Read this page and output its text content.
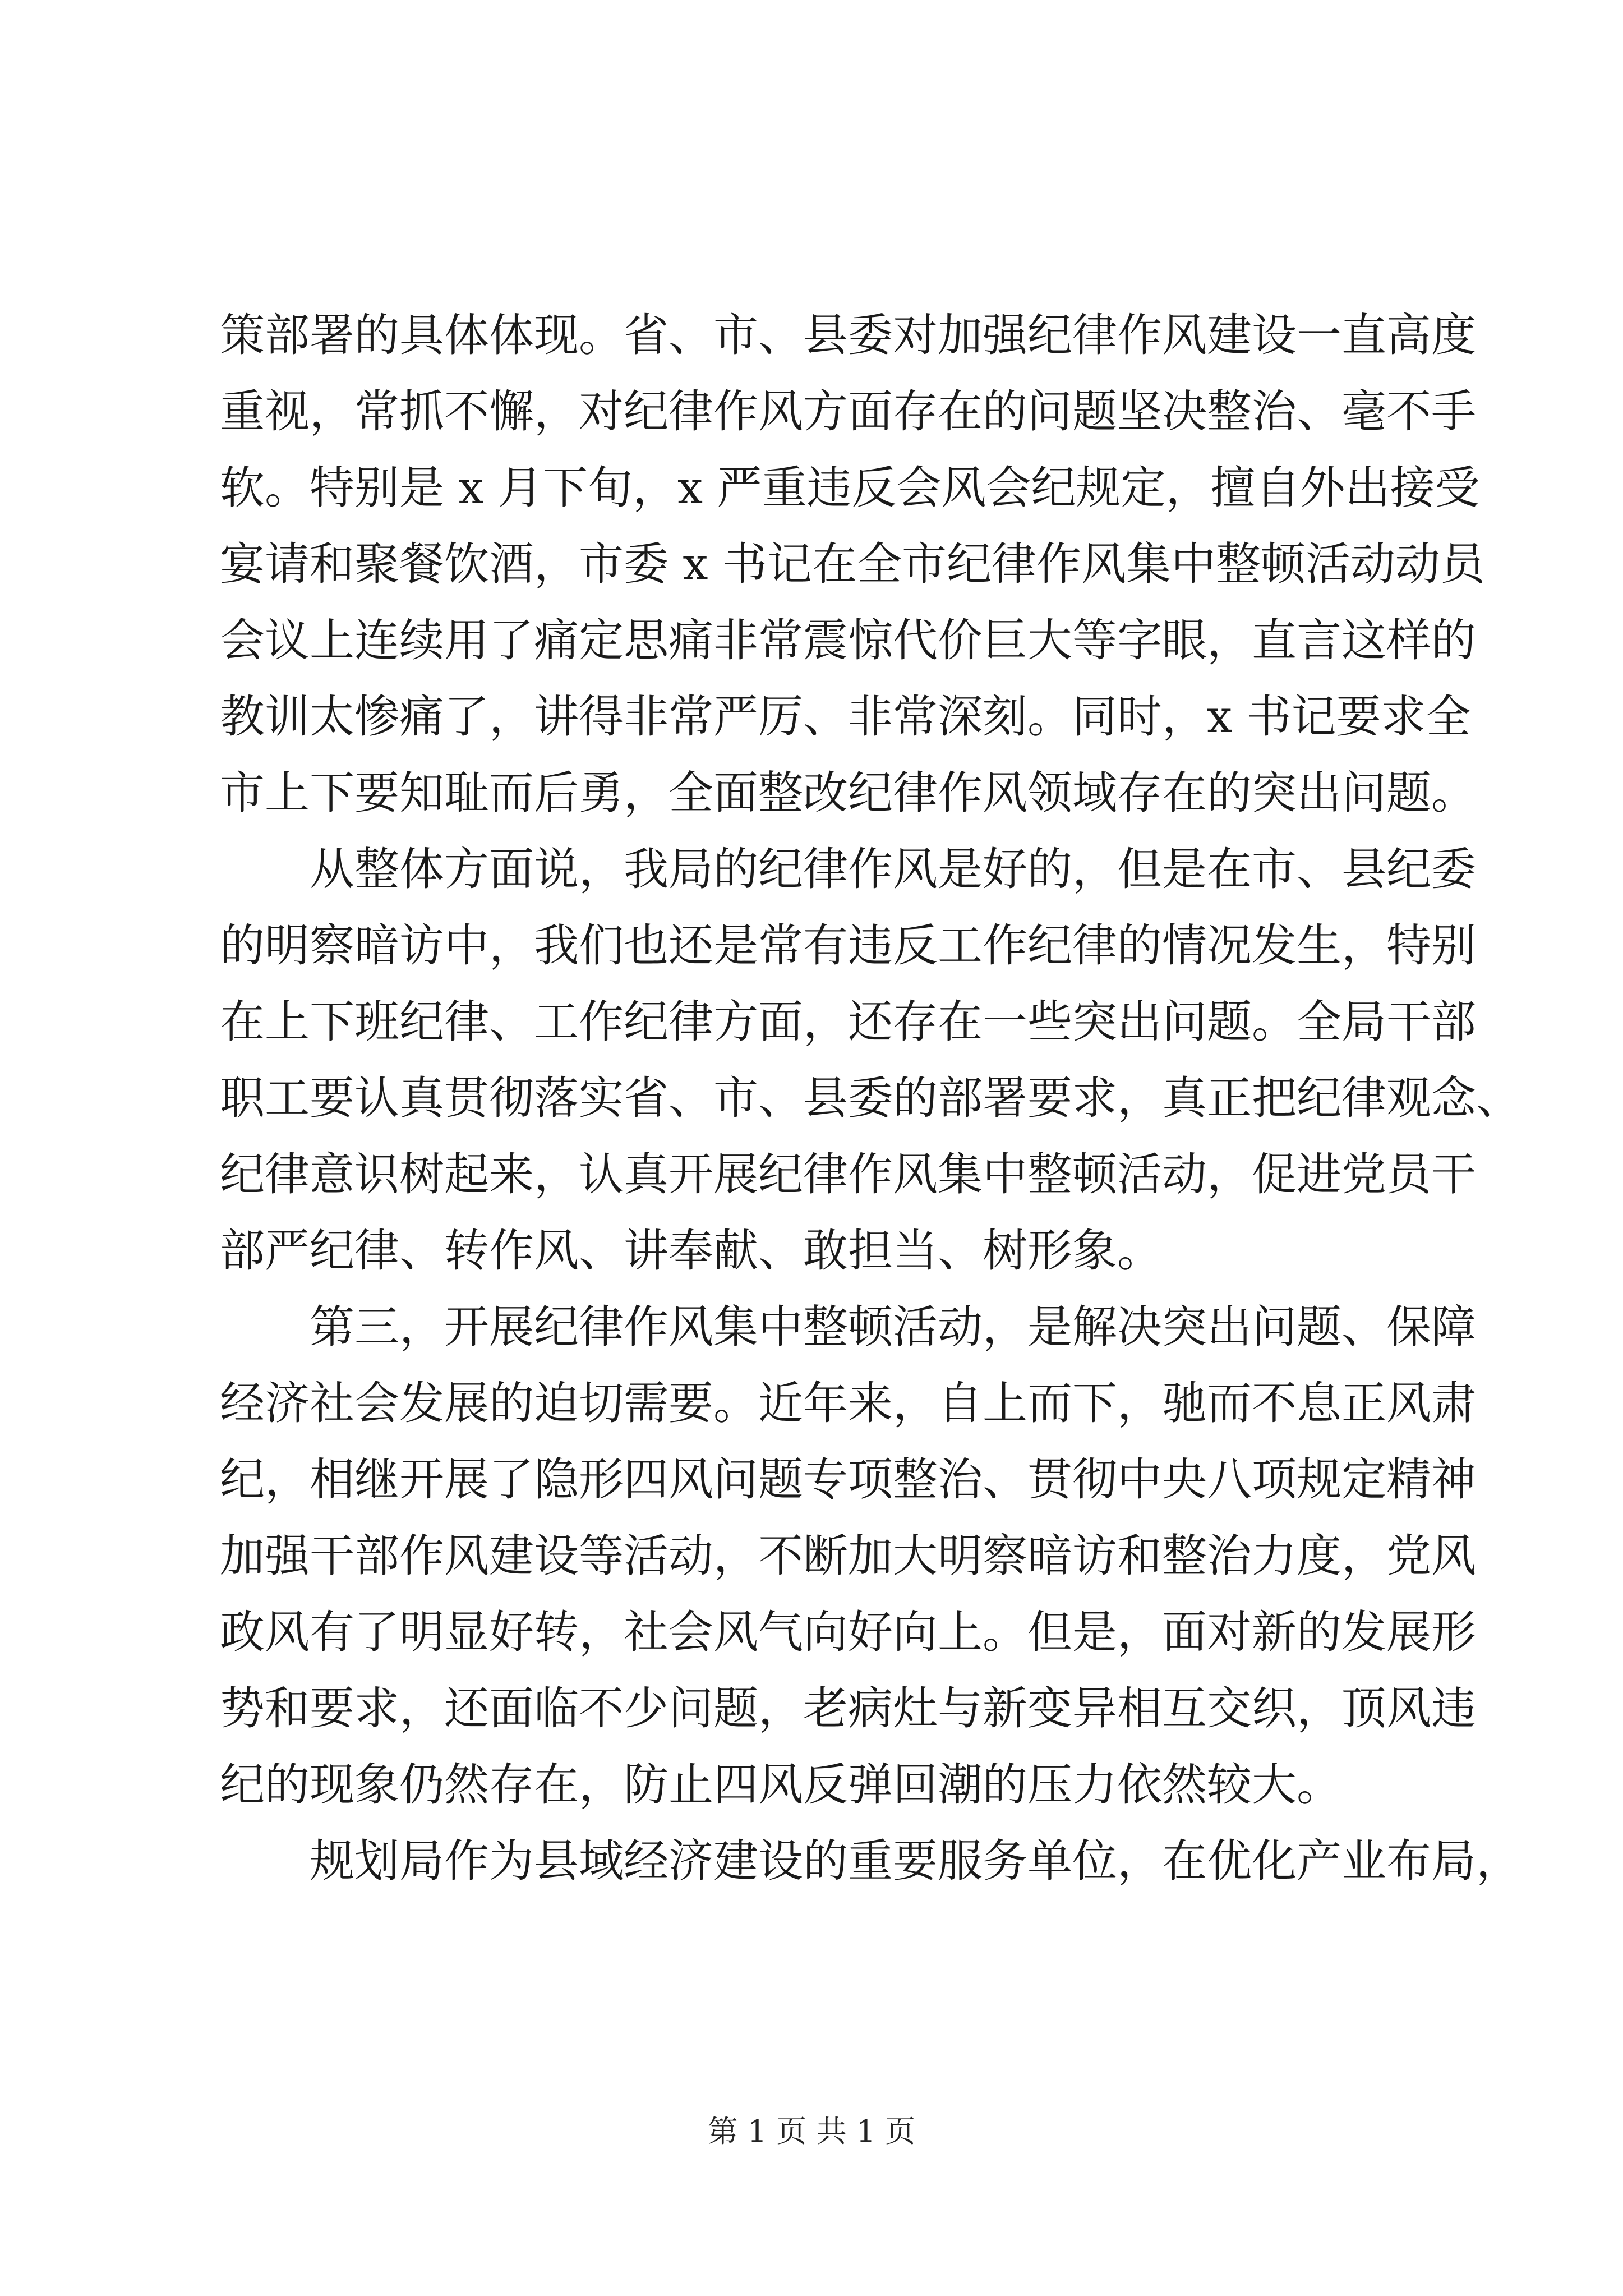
策部署的具体体现。省、市、县委对加强纪律作风建设一直高度
重视，常抓不懈，对纪律作风方面存在的问题坚决整治、毫不手
软。特别是 x 月下旬，x 严重违反会风会纪规定，擅自外出接受
宴请和聚餐饮酒，市委 x 书记在全市纪律作风集中整顿活动动员
会议上连续用了痛定思痛非常震惊代价巨大等字眼，直言这样的
教训太惨痛了，讲得非常严厉、非常深刻。同时，x 书记要求全
市上下要知耻而后勇，全面整改纪律作风领域存在的突出问题。
从整体方面说，我局的纪律作风是好的，但是在市、县纪委
的明察暗访中，我们也还是常有违反工作纪律的情况发生，特别
在上下班纪律、工作纪律方面，还存在一些突出问题。全局干部
职工要认真贯彻落实省、市、县委的部署要求，真正把纪律观念、
纪律意识树起来，认真开展纪律作风集中整顿活动，促进党员干
部严纪律、转作风、讲奉献、敢担当、树形象。
第三，开展纪律作风集中整顿活动，是解决突出问题、保障
经济社会发展的迫切需要。近年来，自上而下，驰而不息正风肃
纪，相继开展了隐形四风问题专项整治、贯彻中央八项规定精神
加强干部作风建设等活动，不断加大明察暗访和整治力度，党风
政风有了明显好转，社会风气向好向上。但是，面对新的发展形
势和要求，还面临不少问题，老病灶与新变异相互交织，顶风违
纪的现象仍然存在，防止四风反弹回潮的压力依然较大。
规划局作为县域经济建设的重要服务单位，在优化产业布局，
第 1 页 共 1 页
